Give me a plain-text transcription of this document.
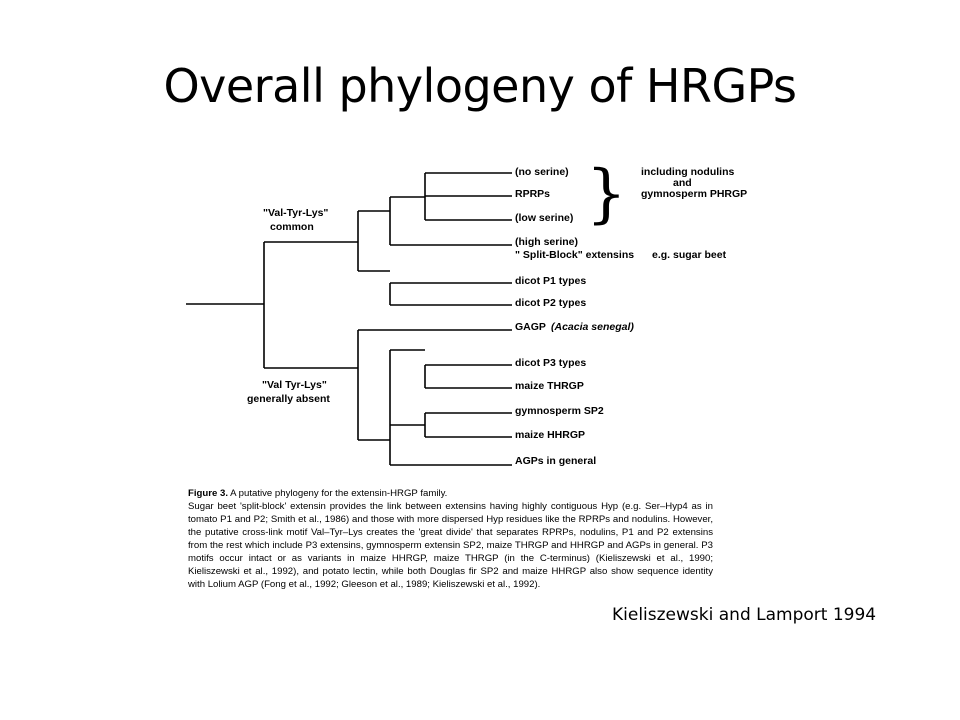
Overall phylogeny of HRGPs
"Val-Tyr-Lys"
common
"Val Tyr-Lys"
generally absent
(no serine)
RPRPs
(low serine)
(high serine)
" Split-Block" extensins
dicot P1 types
dicot P2 types
GAGP (Acacia senegal)
dicot P3 types
maize THRGP
gymnosperm SP2
maize HHRGP
AGPs in general
} including nodulins
and
gymnosperm PHRGP
e.g. sugar beet
Figure 3. A putative phylogeny for the extensin-HRGP family.
Sugar beet 'split-block' extensin provides the link between extensins having highly contiguous Hyp (e.g. Ser–Hyp4 as in tomato P1 and P2; Smith et al., 1986) and those with more dispersed Hyp residues like the RPRPs and nodulins. However, the putative cross-link motif Val–Tyr–Lys creates the 'great divide' that separates RPRPs, nodulins, P1 and P2 extensins from the rest which include P3 extensins, gymnosperm extensin SP2, maize THRGP and HHRGP and AGPs in general. P3 motifs occur intact or as variants in maize HHRGP, maize THRGP (in the C-terminus) (Kieliszewski et al., 1990; Kieliszewski et al., 1992), and potato lectin, while both Douglas fir SP2 and maize HHRGP also show sequence identity with Lolium AGP (Fong et al., 1992; Gleeson et al., 1989; Kieliszewski et al., 1992).
Kieliszewski and Lamport 1994
